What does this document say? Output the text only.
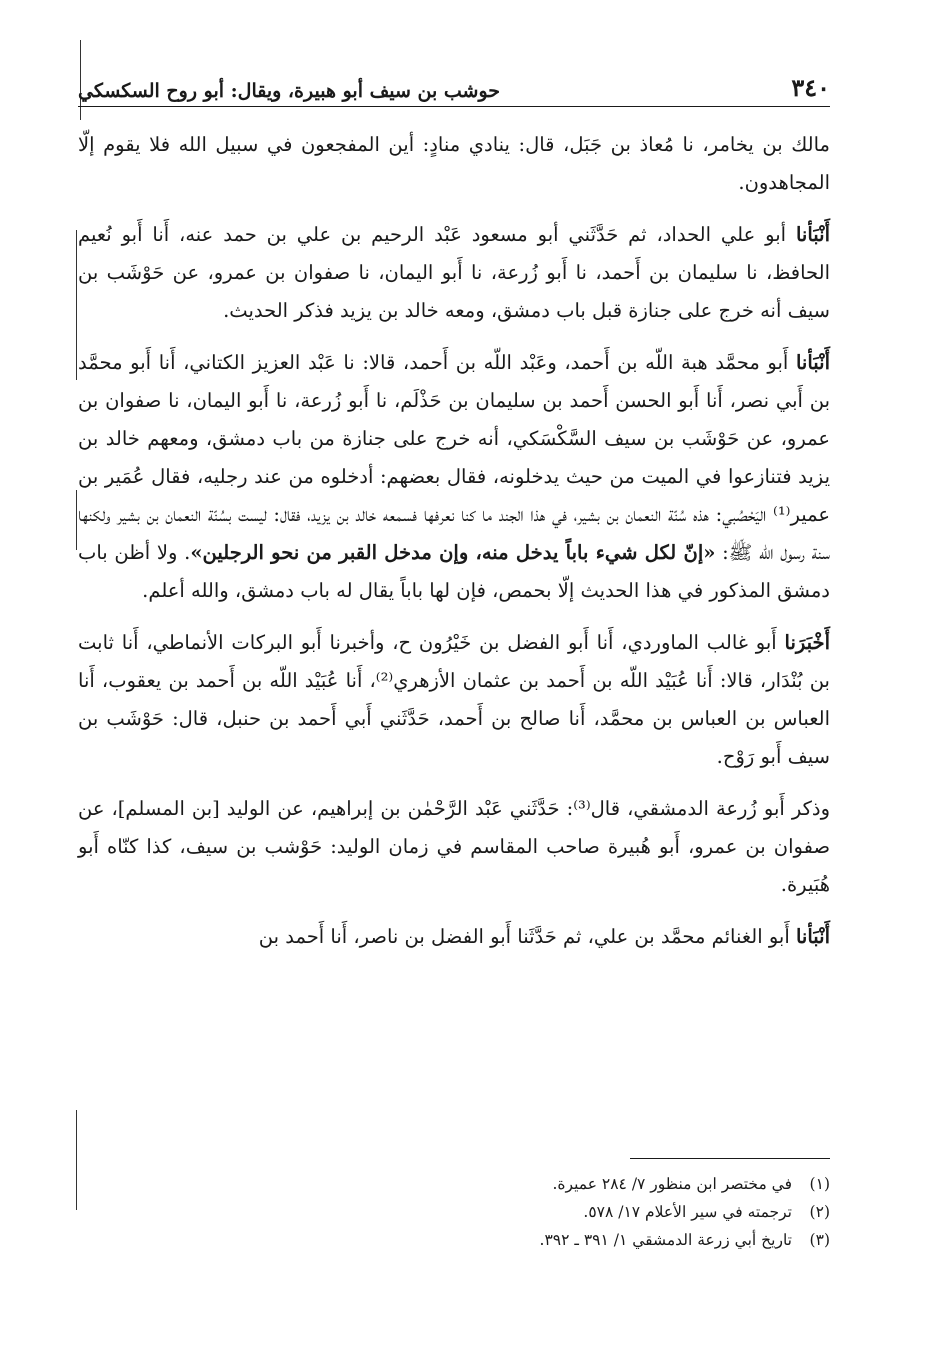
٣٤٠
حوشب بن سيف أبو هبيرة، ويقال: أبو روح السكسكي

مالك بن يخامر، نا مُعاذ بن جَبَل، قال: ينادي منادٍ: أين المفجعون في سبيل الله فلا يقوم إلّا المجاهدون.

أَنْبَأنا أبو علي الحداد، ثم حَدَّثَني أبو مسعود عَبْد الرحيم بن علي بن حمد عنه، أَنا أَبو نُعيم الحافظ، نا سليمان بن أَحمد، نا أَبو زُرعة، نا أَبو اليمان، نا صفوان بن عمرو، عن حَوْشَب بن سيف أنه خرج على جنازة قبل باب دمشق، ومعه خالد بن يزيد فذكر الحديث.

أَنْبَأنا أَبو محمَّد هبة اللّه بن أَحمد، وعَبْد اللّه بن أَحمد، قالا: نا عَبْد العزيز الكتاني، أَنا أَبو محمَّد بن أَبي نصر، أَنا أَبو الحسن أَحمد بن سليمان بن حَذْلَم، نا أَبو زُرعة، نا أَبو اليمان، نا صفوان بن عمرو، عن حَوْشَب بن سيف السَّكْسَكي، أنه خرج على جنازة من باب دمشق، ومعهم خالد بن يزيد فتنازعوا في الميت من حيث يدخلونه، فقال بعضهم: أدخلوه من عند رجليه، فقال عُمَير بن عمير⁽¹⁾ اليَحْصُبي: هذه سُنّة النعمان بن بشير، في هذا الجند ما كنا نعرفها فسمعه خالد بن يزيد، فقال: ليست بسُنّة النعمان بن بشير ولكنها سنة رسول الله ﷺ: «إنّ لكل شيء باباً يدخل منه، وإن مدخل القبر من نحو الرجلين». ولا أظن باب دمشق المذكور في هذا الحديث إلّا بحمص، فإن لها باباً يقال له باب دمشق، والله أعلم.

أَخْبَرَنا أَبو غالب الماوردي، أَنا أَبو الفضل بن خَيْرُون ح، وأخبرنا أَبو البركات الأنماطي، أَنا ثابت بن بُنْدَار، قالا: أَنا عُبَيْد اللّه بن أَحمد بن عثمان الأزهري⁽²⁾، أَنا عُبَيْد اللّه بن أَحمد بن يعقوب، أَنا العباس بن العباس بن محمَّد، أَنا صالح بن أَحمد، حَدَّثَني أَبي أَحمد بن حنبل، قال: حَوْشَب بن سيف أَبو رَوْح.

وذكر أَبو زُرعة الدمشقي، قال⁽³⁾: حَدَّثَني عَبْد الرَّحْمٰن بن إبراهيم، عن الوليد [بن المسلم]، عن صفوان بن عمرو، أَبو هُبيرة صاحب المقاسم في زمان الوليد: حَوْشب بن سيف، كذا كنّاه أَبو هُبَيرة.

أَنْبَأنا أَبو الغنائم محمَّد بن علي، ثم حَدَّثَنا أَبو الفضل بن ناصر، أَنا أَحمد بن

(١)
في مختصر ابن منظور ٧/ ٢٨٤ عميرة.
(٢)
ترجمته في سير الأعلام ١٧/ ٥٧٨.
(٣)
تاريخ أبي زرعة الدمشقي ١/ ٣٩١ ـ ٣٩٢.
